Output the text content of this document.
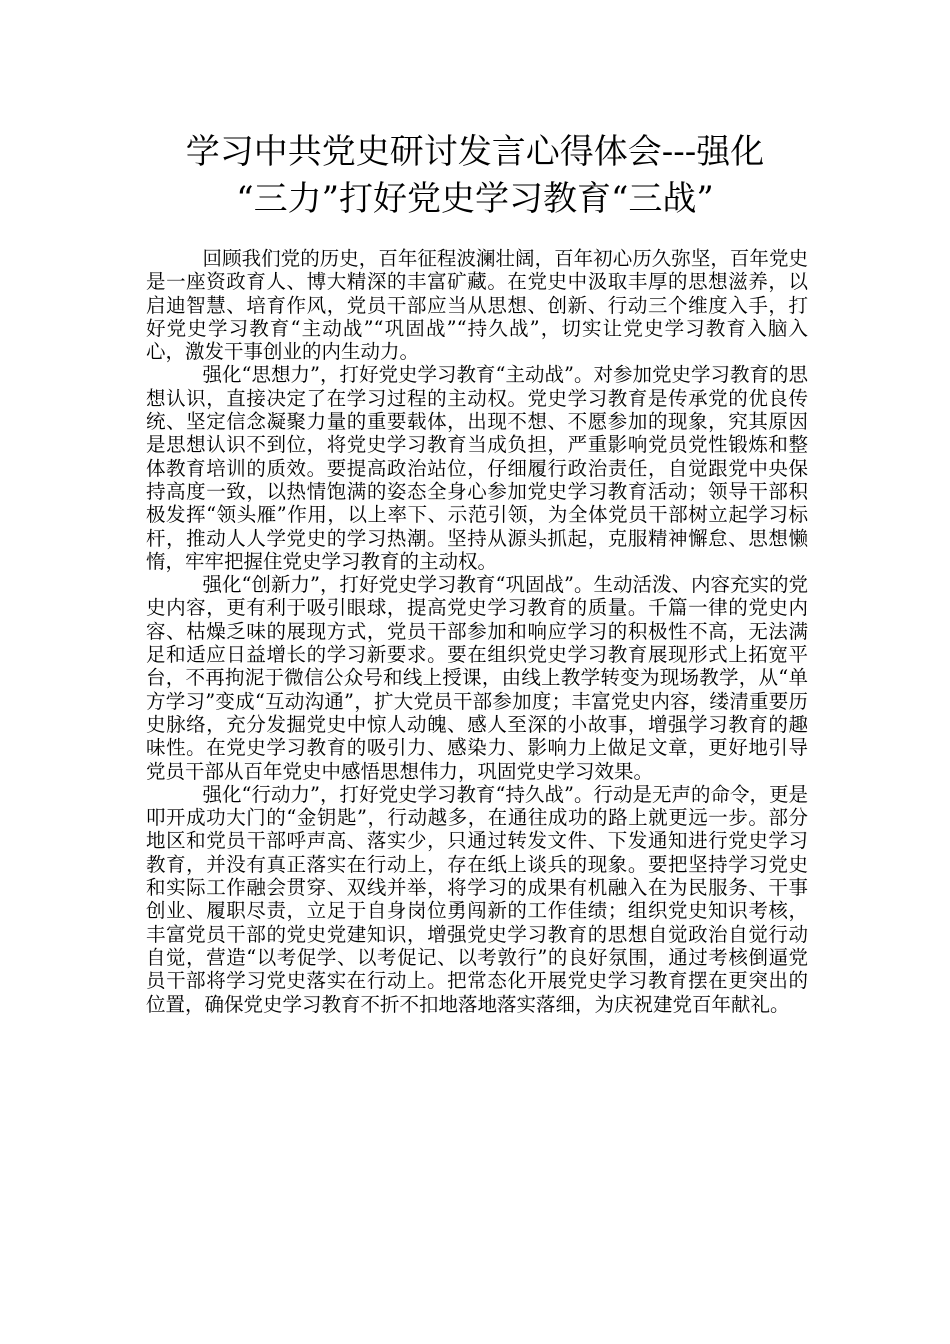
学习中共党史研讨发言心得体会---强化
“三力”打好党史学习教育“三战”

回顾我们党的历史，百年征程波澜壮阔，百年初心历久弥坚，百年党史是一座资政育人、博大精深的丰富矿藏。在党史中汲取丰厚的思想滋养，以启迪智慧、培育作风，党员干部应当从思想、创新、行动三个维度入手，打好党史学习教育“主动战”“巩固战”“持久战”，切实让党史学习教育入脑入心，激发干事创业的内生动力。

强化“思想力”，打好党史学习教育“主动战”。对参加党史学习教育的思想认识，直接决定了在学习过程的主动权。党史学习教育是传承党的优良传统、坚定信念凝聚力量的重要载体，出现不想、不愿参加的现象，究其原因是思想认识不到位，将党史学习教育当成负担，严重影响党员党性锻炼和整体教育培训的质效。要提高政治站位，仔细履行政治责任，自觉跟党中央保持高度一致，以热情饱满的姿态全身心参加党史学习教育活动；领导干部积极发挥“领头雁”作用，以上率下、示范引领，为全体党员干部树立起学习标杆，推动人人学党史的学习热潮。坚持从源头抓起，克服精神懈怠、思想懒惰，牢牢把握住党史学习教育的主动权。

强化“创新力”，打好党史学习教育“巩固战”。生动活泼、内容充实的党史内容，更有利于吸引眼球，提高党史学习教育的质量。千篇一律的党史内容、枯燥乏味的展现方式，党员干部参加和响应学习的积极性不高，无法满足和适应日益增长的学习新要求。要在组织党史学习教育展现形式上拓宽平台，不再拘泥于微信公众号和线上授课，由线上教学转变为现场教学，从“单方学习”变成“互动沟通”，扩大党员干部参加度；丰富党史内容，缕清重要历史脉络，充分发掘党史中惊人动魄、感人至深的小故事，增强学习教育的趣味性。在党史学习教育的吸引力、感染力、影响力上做足文章，更好地引导党员干部从百年党史中感悟思想伟力，巩固党史学习效果。

强化“行动力”，打好党史学习教育“持久战”。行动是无声的命令，更是叩开成功大门的“金钥匙”，行动越多，在通往成功的路上就更远一步。部分地区和党员干部呼声高、落实少，只通过转发文件、下发通知进行党史学习教育，并没有真正落实在行动上，存在纸上谈兵的现象。要把坚持学习党史和实际工作融会贯穿、双线并举，将学习的成果有机融入在为民服务、干事创业、履职尽责，立足于自身岗位勇闯新的工作佳绩；组织党史知识考核，丰富党员干部的党史党建知识，增强党史学习教育的思想自觉政治自觉行动自觉，营造“以考促学、以考促记、以考敦行”的良好氛围，通过考核倒逼党员干部将学习党史落实在行动上。把常态化开展党史学习教育摆在更突出的位置，确保党史学习教育不折不扣地落地落实落细，为庆祝建党百年献礼。
